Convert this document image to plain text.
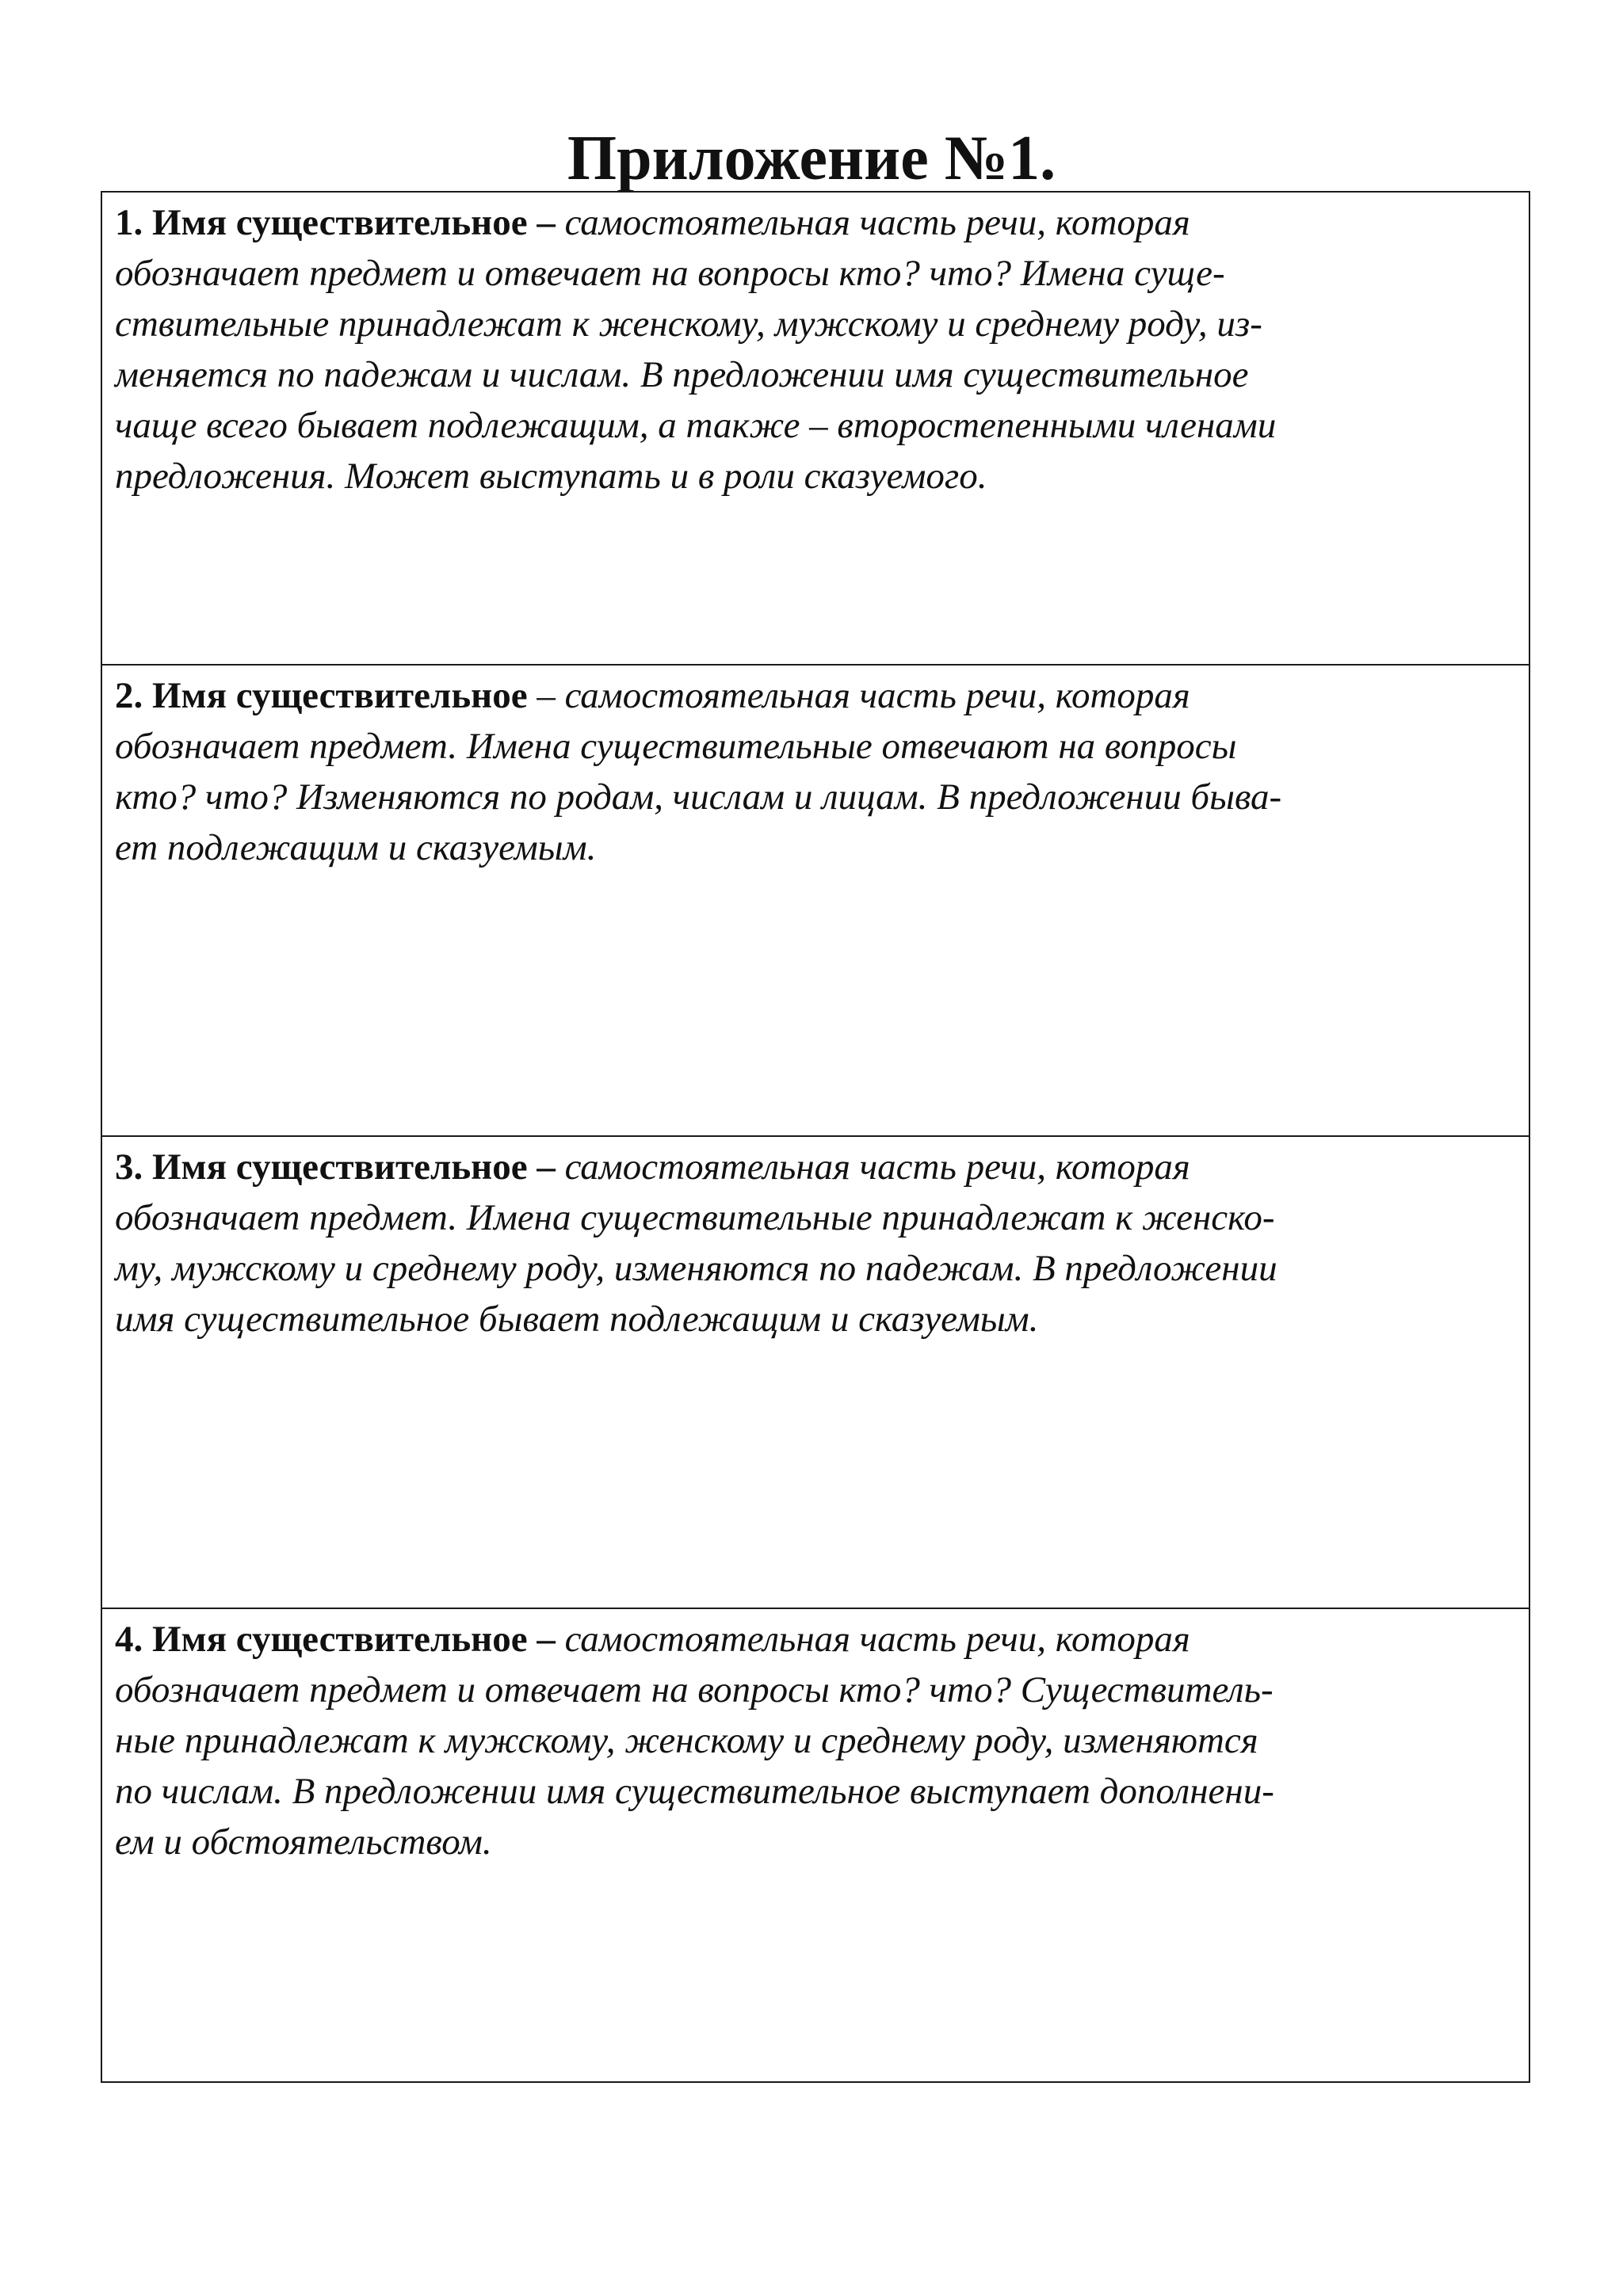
Приложение №1.
1. Имя существительное – самостоятельная часть речи, которая
обозначает предмет и отвечает на вопросы кто? что? Имена суще-
ствительные принадлежат к женскому, мужскому и среднему роду, из-
меняется по падежам и числам. В предложении имя существительное
чаще всего бывает подлежащим, а также – второстепенными членами
предложения. Может выступать и в роли сказуемого.
2. Имя существительное – самостоятельная часть речи, которая
обозначает предмет. Имена существительные отвечают на вопросы
кто? что? Изменяются по родам, числам и лицам. В предложении быва-
ет подлежащим и сказуемым.
3. Имя существительное – самостоятельная часть речи, которая
обозначает предмет. Имена существительные принадлежат к женско-
му, мужскому и среднему роду, изменяются по падежам. В предложении
имя существительное бывает подлежащим и сказуемым.
4. Имя существительное – самостоятельная часть речи, которая
обозначает предмет и отвечает на вопросы кто? что? Существитель-
ные принадлежат к мужскому, женскому и среднему роду, изменяются
по числам. В предложении имя существительное выступает дополнени-
ем и обстоятельством.
